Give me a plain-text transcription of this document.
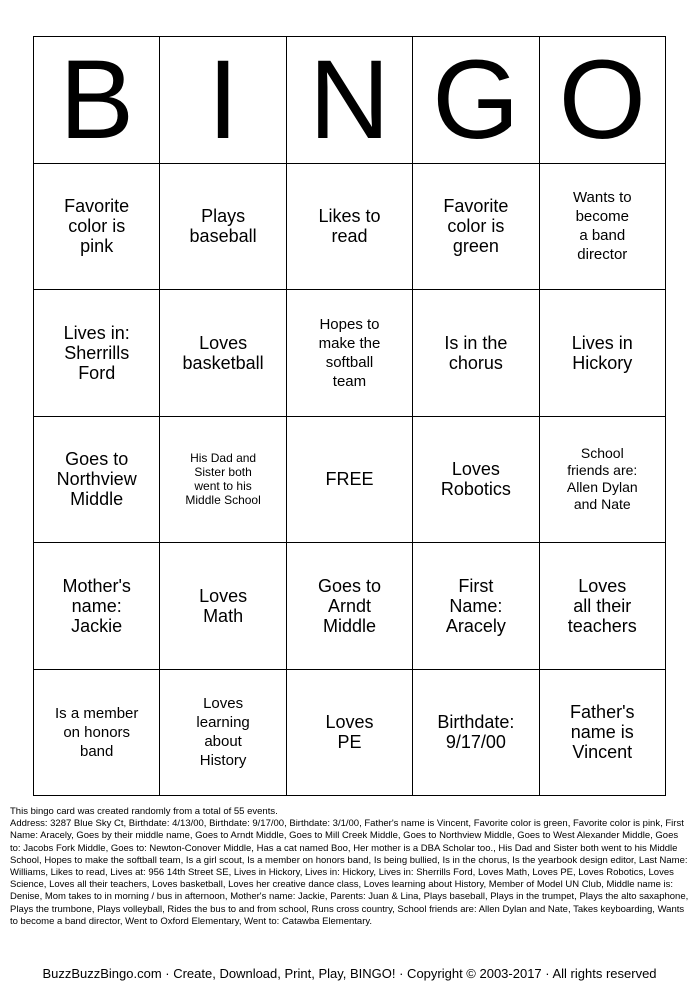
B	I	N	G	O

Favorite
color is
pink	Plays
baseball	Likes to
read	Favorite
color is
green	Wants to
become
a band
director

Lives in:
Sherrills
Ford	Loves
basketball	Hopes to
make the
softball
team	Is in the
chorus	Lives in
Hickory

Goes to
Northview
Middle	His Dad and
Sister both
went to his
Middle School	FREE	Loves
Robotics	School
friends are:
Allen Dylan
and Nate

Mother's
name:
Jackie	Loves
Math	Goes to
Arndt
Middle	First
Name:
Aracely	Loves
all their
teachers

Is a member
on honors
band	Loves
learning
about
History	Loves
PE	Birthdate:
9/17/00	Father's
name is
Vincent
This bingo card was created randomly from a total of 55 events.
Address: 3287 Blue Sky Ct, Birthdate: 4/13/00, Birthdate: 9/17/00, Birthdate: 3/1/00, Father's name is Vincent, Favorite color is green, Favorite color is pink, First Name: Aracely, Goes by their middle name, Goes to Arndt Middle, Goes to Mill Creek Middle, Goes to Northview Middle, Goes to West Alexander Middle, Goes to: Jacobs Fork Middle, Goes to: Newton-Conover Middle, Has a cat named Boo, Her mother is a DBA Scholar too., His Dad and Sister both went to his Middle School, Hopes to make the softball team, Is a girl scout, Is a member on honors band, Is being bullied, Is in the chorus, Is the yearbook design editor, Last Name: Williams, Likes to read, Lives at: 956 14th Street SE, Lives in Hickory, Lives in: Hickory, Lives in: Sherrills Ford, Loves Math, Loves PE, Loves Robotics, Loves Science, Loves all their teachers, Loves basketball, Loves her creative dance class, Loves learning about History, Member of Model UN Club, Middle name is: Denise, Mom takes to in morning / bus in afternoon, Mother's name: Jackie, Parents: Juan & Lina, Plays baseball, Plays in the trumpet, Plays the alto saxaphone, Plays the trumbone, Plays volleyball, Rides the bus to and from school, Runs cross country, School friends are: Allen Dylan and Nate, Takes keyboarding, Wants to become a band director, Went to Oxford Elementary, Went to: Catawba Elementary.
BuzzBuzzBingo.com · Create, Download, Print, Play, BINGO! · Copyright © 2003-2017 · All rights reserved
